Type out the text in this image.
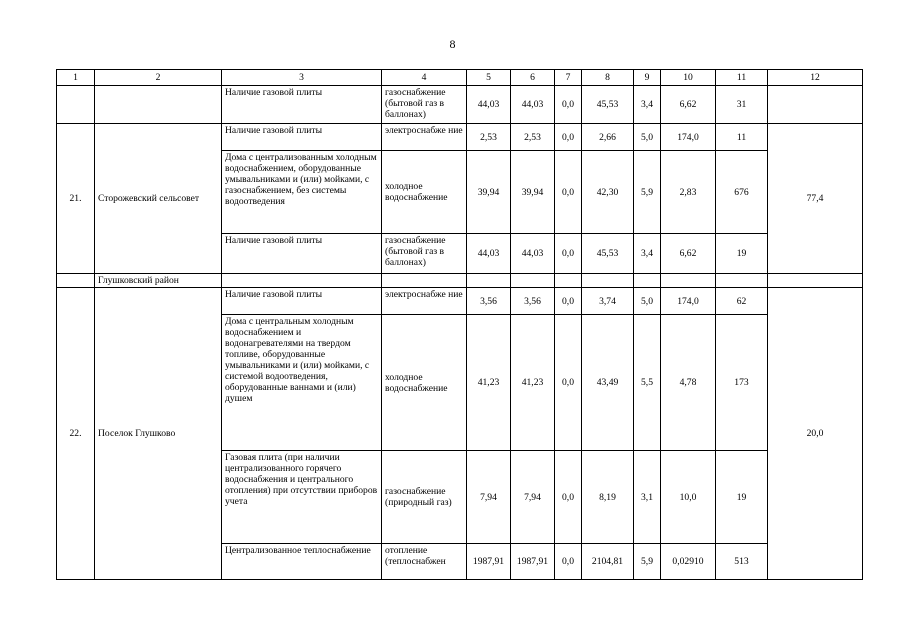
8
1	2	3	4	5	6	7	8	9	10	11	12
		Наличие газовой плиты	газоснабжение (бытовой газ в баллонах)	44,03	44,03	0,0	45,53	3,4	6,62	31	
21.	Сторожевский сельсовет	Наличие газовой плиты	электроснабже ние	2,53	2,53	0,0	2,66	5,0	174,0	11	77,4
		Дома с централизованным холодным водоснабжением, оборудованные умывальниками и (или) мойками, с газоснабжением, без системы водоотведения	холодное водоснабжение	39,94	39,94	0,0	42,30	5,9	2,83	676	
		Наличие газовой плиты	газоснабжение (бытовой газ в баллонах)	44,03	44,03	0,0	45,53	3,4	6,62	19	
	Глушковский район										
22.	Поселок Глушково	Наличие газовой плиты	электроснабже ние	3,56	3,56	0,0	3,74	5,0	174,0	62	20,0
		Дома с центральным холодным водоснабжением и водонагревателями на твердом топливе, оборудованные умывальниками и (или) мойками, с системой водоотведения, оборудованные ваннами и (или) душем	холодное водоснабжение	41,23	41,23	0,0	43,49	5,5	4,78	173	
		Газовая плита (при наличии централизованного горячего водоснабжения и центрального отопления) при отсутствии приборов учета	газоснабжение (природный газ)	7,94	7,94	0,0	8,19	3,1	10,0	19	
		Централизованное теплоснабжение	отопление (теплоснабжен	1987,91	1987,91	0,0	2104,81	5,9	0,02910	513	
